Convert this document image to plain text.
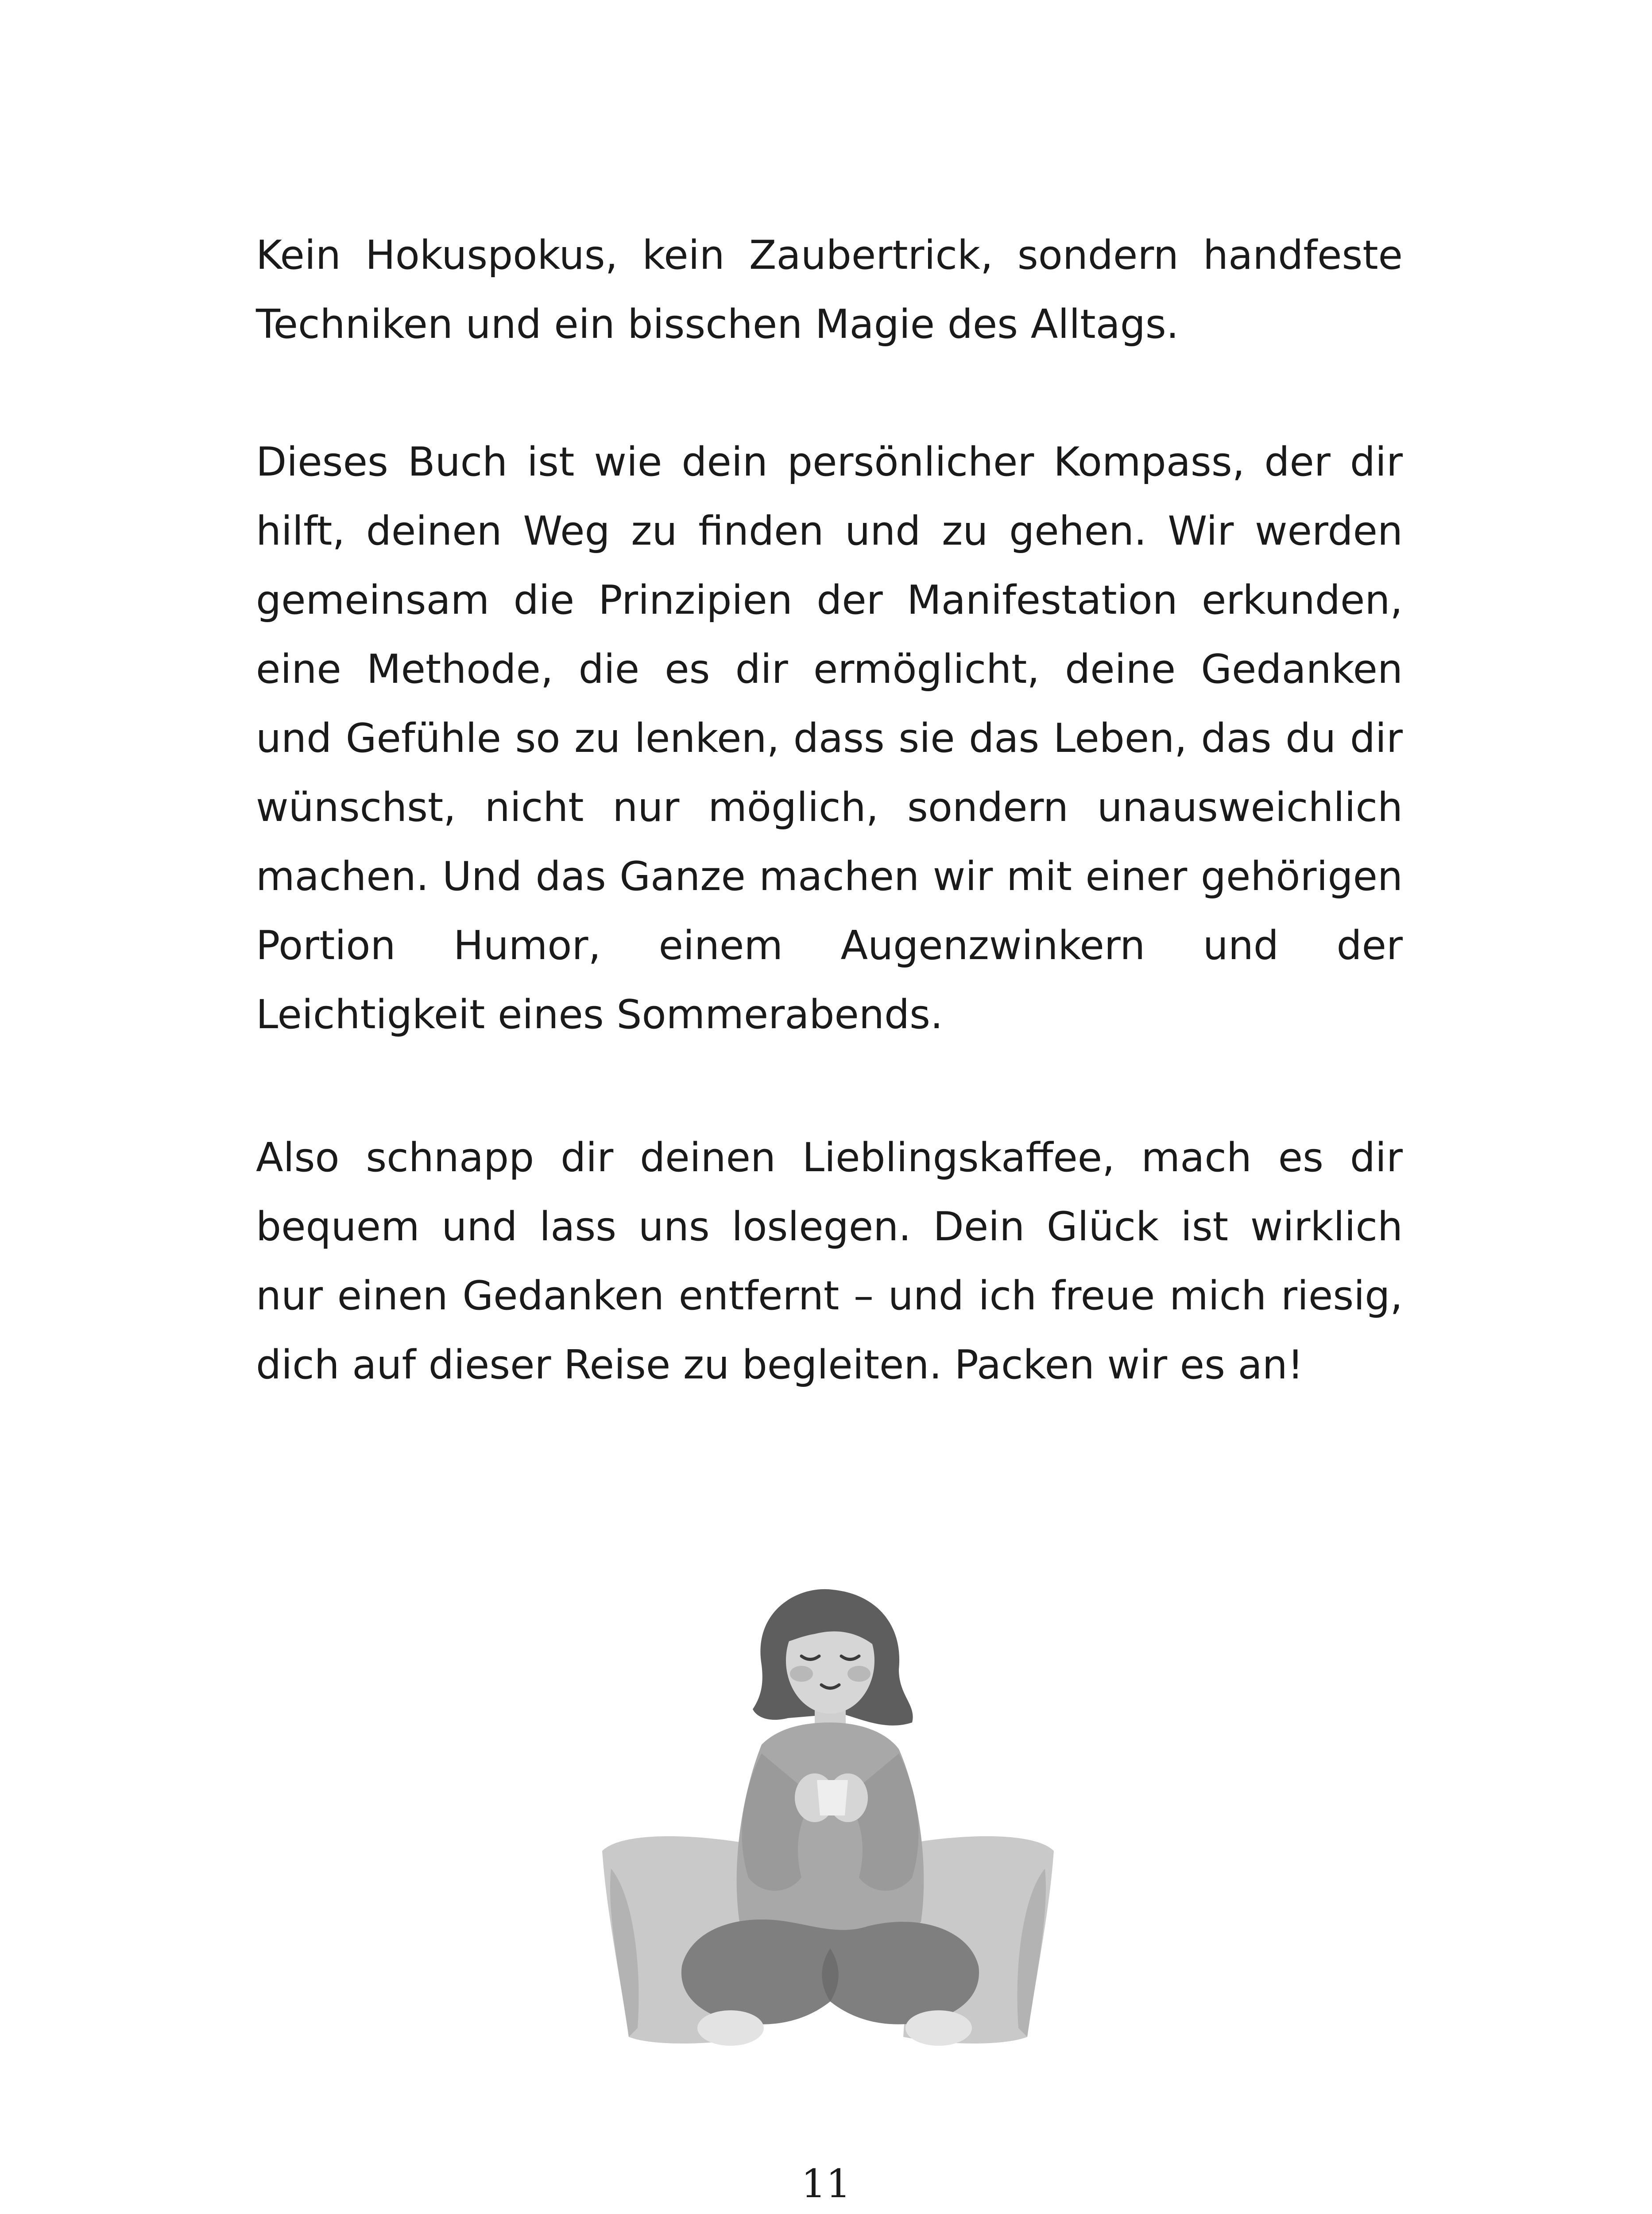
Kein Hokuspokus, kein Zaubertrick, sondern handfeste Techniken und ein bisschen Magie des Alltags.

Dieses Buch ist wie dein persönlicher Kompass, der dir hilft, deinen Weg zu finden und zu gehen. Wir werden gemeinsam die Prinzipien der Manifestation erkunden, eine Methode, die es dir ermöglicht, deine Gedanken und Gefühle so zu lenken, dass sie das Leben, das du dir wünschst, nicht nur möglich, sondern unausweichlich machen. Und das Ganze machen wir mit einer gehörigen Portion Humor, einem Augenzwinkern und der Leichtigkeit eines Sommerabends.

Also schnapp dir deinen Lieblingskaffee, mach es dir bequem und lass uns loslegen. Dein Glück ist wirklich nur einen Gedanken entfernt – und ich freue mich riesig, dich auf dieser Reise zu begleiten. Packen wir es an!

11
